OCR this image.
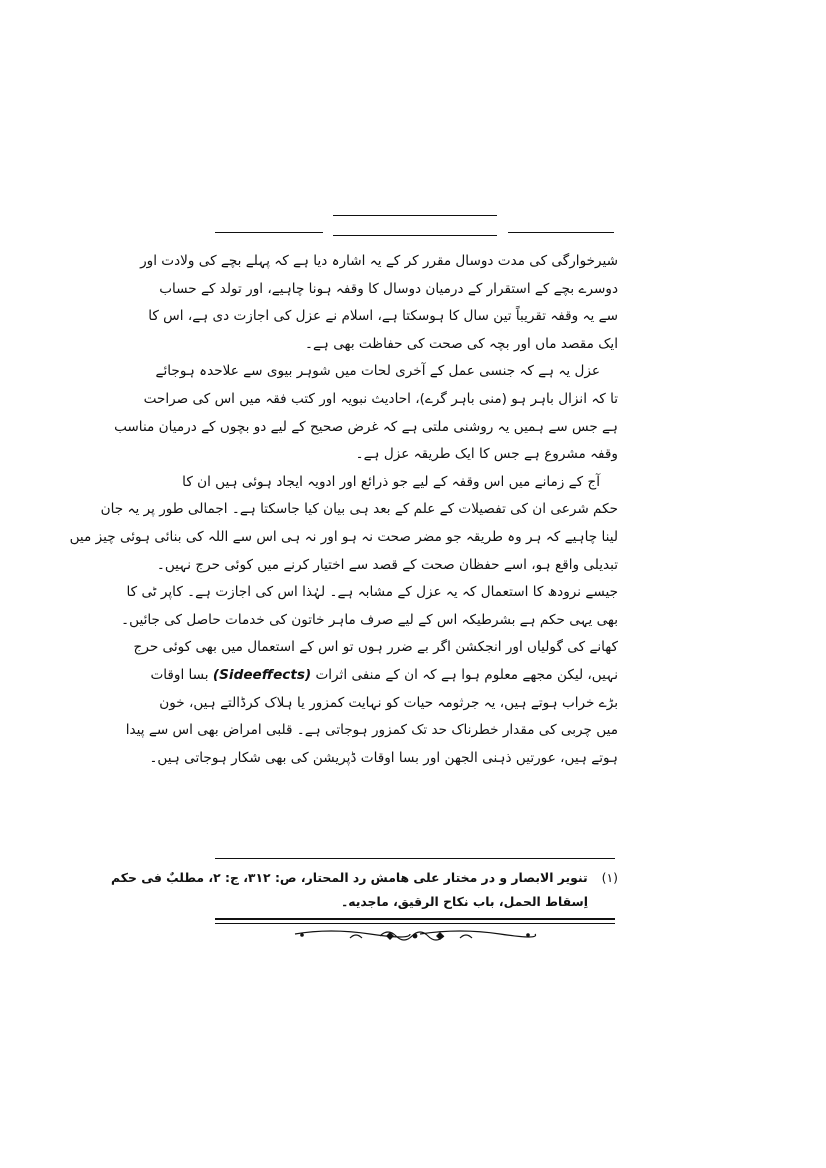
شیرخوارگی کی مدت دوسال مقرر کر کے یہ اشارہ دیا ہے کہ پہلے بچے کی ولادت اور
دوسرے بچے کے استقرار کے درمیان دوسال کا وقفہ ہونا چاہیے، اور تولد کے حساب
سے یہ وقفہ تقریباً تین سال کا ہوسکتا ہے، اسلام نے عزل کی اجازت دی ہے، اس کا
ایک مقصد ماں اور بچہ کی صحت کی حفاظت بھی ہے۔
عزل یہ ہے کہ جنسی عمل کے آخری لحات میں شوہر بیوی سے علاحدہ ہوجائے
تا کہ انزال باہر ہو (منی باہر گرے)، احادیث نبویہ اور کتب فقہ میں اس کی صراحت
ہے جس سے ہمیں یہ روشنی ملتی ہے کہ غرض صحیح کے لیے دو بچوں کے درمیان مناسب
وقفہ مشروع ہے جس کا ایک طریقہ عزل ہے۔
آج کے زمانے میں اس وقفہ کے لیے جو ذرائع اور ادویہ ایجاد ہوئی ہیں ان کا
حکم شرعی ان کی تفصیلات کے علم کے بعد ہی بیان کیا جاسکتا ہے۔ اجمالی طور پر یہ جان
لینا چاہیے کہ ہر وہ طریقہ جو مضر صحت نہ ہو اور نہ ہی اس سے اللہ کی بنائی ہوئی چیز میں
تبدیلی واقع ہو، اسے حفظان صحت کے قصد سے اختیار کرنے میں کوئی حرج نہیں۔
جیسے نرودھ کا استعمال کہ یہ عزل کے مشابہ ہے۔ لہٰذا اس کی اجازت ہے۔ کاپر ٹی کا
بھی یہی حکم ہے بشرطیکہ اس کے لیے صرف ماہر خاتون کی خدمات حاصل کی جائیں۔
کھانے کی گولیاں اور انجکشن اگر بے ضرر ہوں تو اس کے استعمال میں بھی کوئی حرج
نہیں، لیکن مجھے معلوم ہوا ہے کہ ان کے منفی اثرات (Sideeffects) بسا اوقات
بڑے خراب ہوتے ہیں، یہ جرثومہ حیات کو نہایت کمزور یا ہلاک کرڈالتے ہیں، خون
میں چربی کی مقدار خطرناک حد تک کمزور ہوجاتی ہے۔ قلبی امراض بھی اس سے پیدا
ہوتے ہیں، عورتیں ذہنی الجھن اور بسا اوقات ڈپریشن کی بھی شکار ہوجاتی ہیں۔
(۱)تنویر الابصار و در مختار علی هامش رد المحتار، ص: ۳۱۲، ج: ۲، مطلبٌ فی حکم
اِسقاط الحمل، باب نکاح الرقیق، ماجدیه۔
